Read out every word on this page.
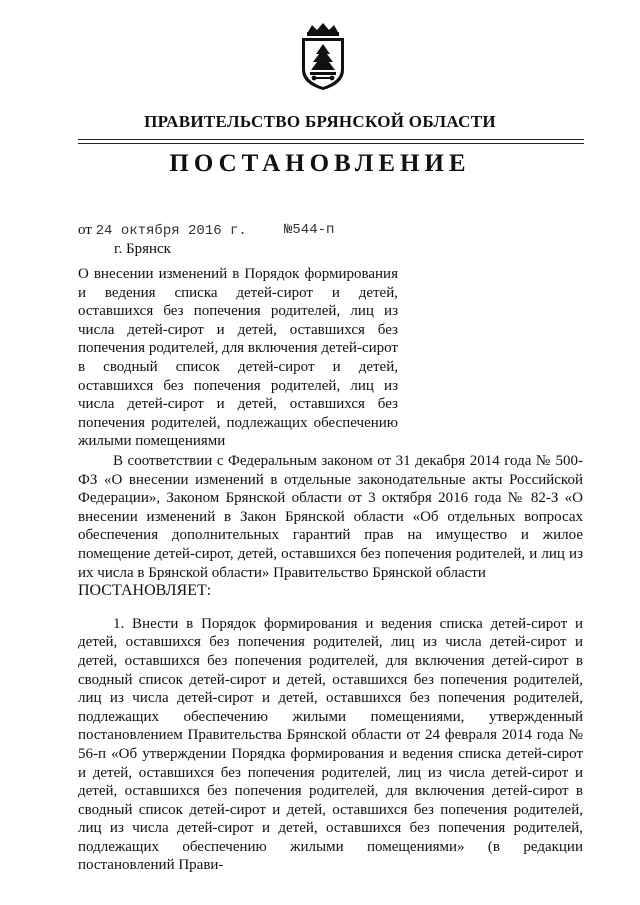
ПРАВИТЕЛЬСТВО БРЯНСКОЙ ОБЛАСТИ
ПОСТАНОВЛЕНИЕ
от 24 октября 2016 г.	№544-п
г. Брянск
О внесении изменений в Порядок формирования и ведения списка детей-сирот и детей, оставшихся без попечения родителей, лиц из числа детей-сирот и детей, оставшихся без попечения родителей, для включения детей-сирот в сводный список детей-сирот и детей, оставшихся без попечения родителей, лиц из числа детей-сирот и детей, оставшихся без попечения родителей, подлежащих обеспечению жилыми помещениями

В соответствии с Федеральным законом от 31 декабря 2014 года № 500-ФЗ «О внесении изменений в отдельные законодательные акты Российской Федерации», Законом Брянской области от 3 октября 2016 года № 82-З «О внесении изменений в Закон Брянской области «Об отдельных вопросах обеспечения дополнительных гарантий прав на имущество и жилое помещение детей-сирот, детей, оставшихся без попечения родителей, и лиц из их числа в Брянской области» Правительство Брянской области

ПОСТАНОВЛЯЕТ:

1. Внести в Порядок формирования и ведения списка детей-сирот и детей, оставшихся без попечения родителей, лиц из числа детей-сирот и детей, оставшихся без попечения родителей, для включения детей-сирот в сводный список детей-сирот и детей, оставшихся без попечения родителей, лиц из числа детей-сирот и детей, оставшихся без попечения родителей, подлежащих обеспечению жилыми помещениями, утвержденный постановлением Правительства Брянской области от 24 февраля 2014 года № 56-п «Об утверждении Порядка формирования и ведения списка детей-сирот и детей, оставшихся без попечения родителей, лиц из числа детей-сирот и детей, оставшихся без попечения родителей, для включения детей-сирот в сводный список детей-сирот и детей, оставшихся без попечения родителей, лиц из числа детей-сирот и детей, оставшихся без попечения родителей, подлежащих обеспечению жилыми помещениями» (в редакции постановлений Прави-
